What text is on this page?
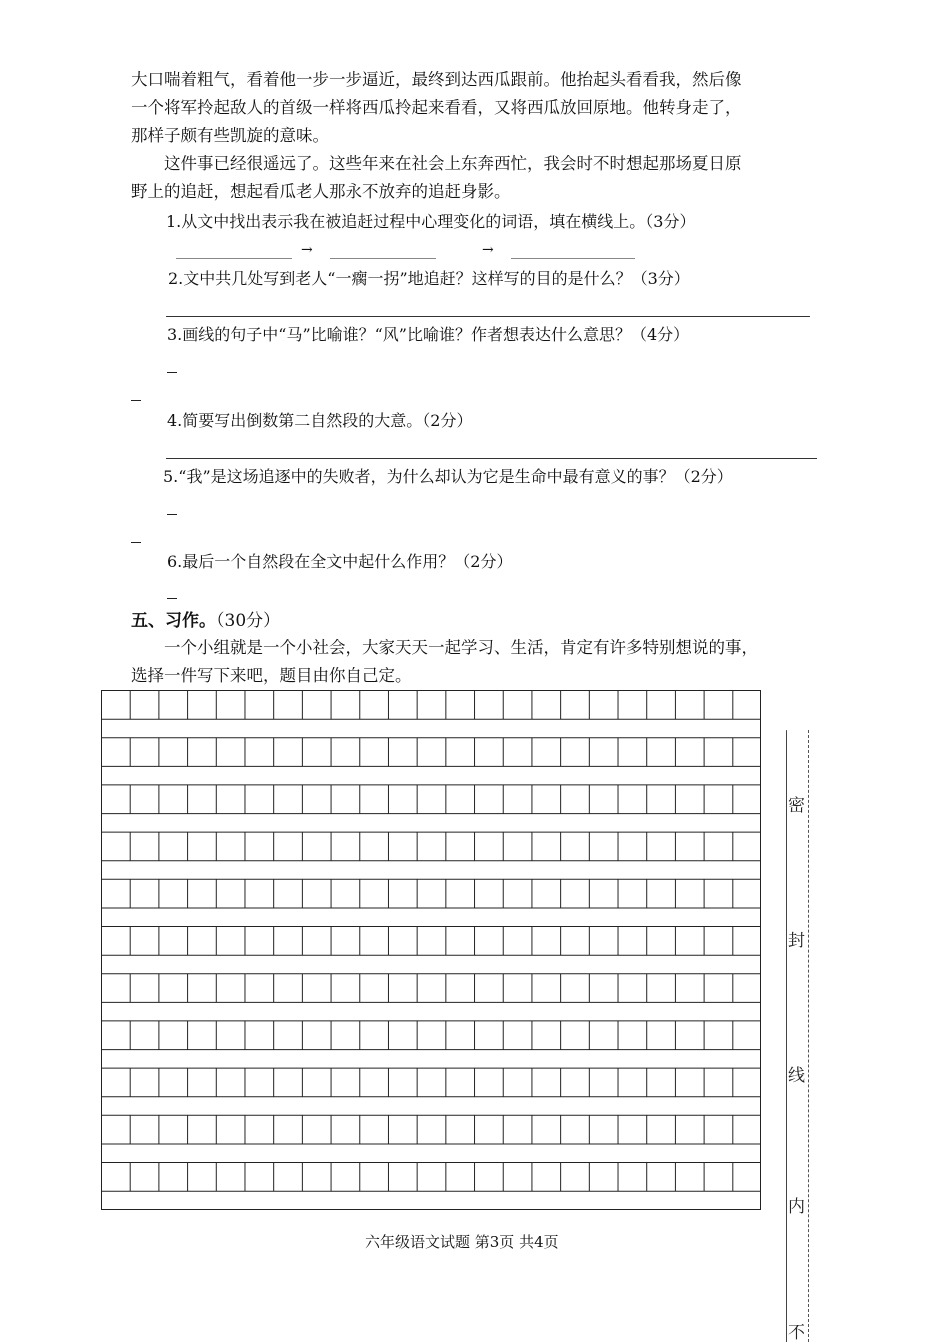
大口喘着粗气，看着他一步一步逼近，最终到达西瓜跟前。他抬起头看看我，然后像
一个将军拎起敌人的首级一样将西瓜拎起来看看，又将西瓜放回原地。他转身走了，
那样子颇有些凯旋的意味。
这件事已经很遥远了。这些年来在社会上东奔西忙，我会时不时想起那场夏日原
野上的追赶，想起看瓜老人那永不放弃的追赶身影。
1.从文中找出表示我在被追赶过程中心理变化的词语，填在横线上。（3分）
→	→
2.文中共几处写到老人“一瘸一拐”地追赶？这样写的目的是什么？（3分）
3.画线的句子中“马”比喻谁？“风”比喻谁？作者想表达什么意思？（4分）
4.简要写出倒数第二自然段的大意。（2分）
5.“我”是这场追逐中的失败者，为什么却认为它是生命中最有意义的事？（2分）
6.最后一个自然段在全文中起什么作用？（2分）
五、习作。（30分）
一个小组就是一个小社会，大家天天一起学习、生活，肯定有许多特别想说的事，
选择一件写下来吧，题目由你自己定。
密
封
线
内
不
六年级语文试题 第3页 共4页
